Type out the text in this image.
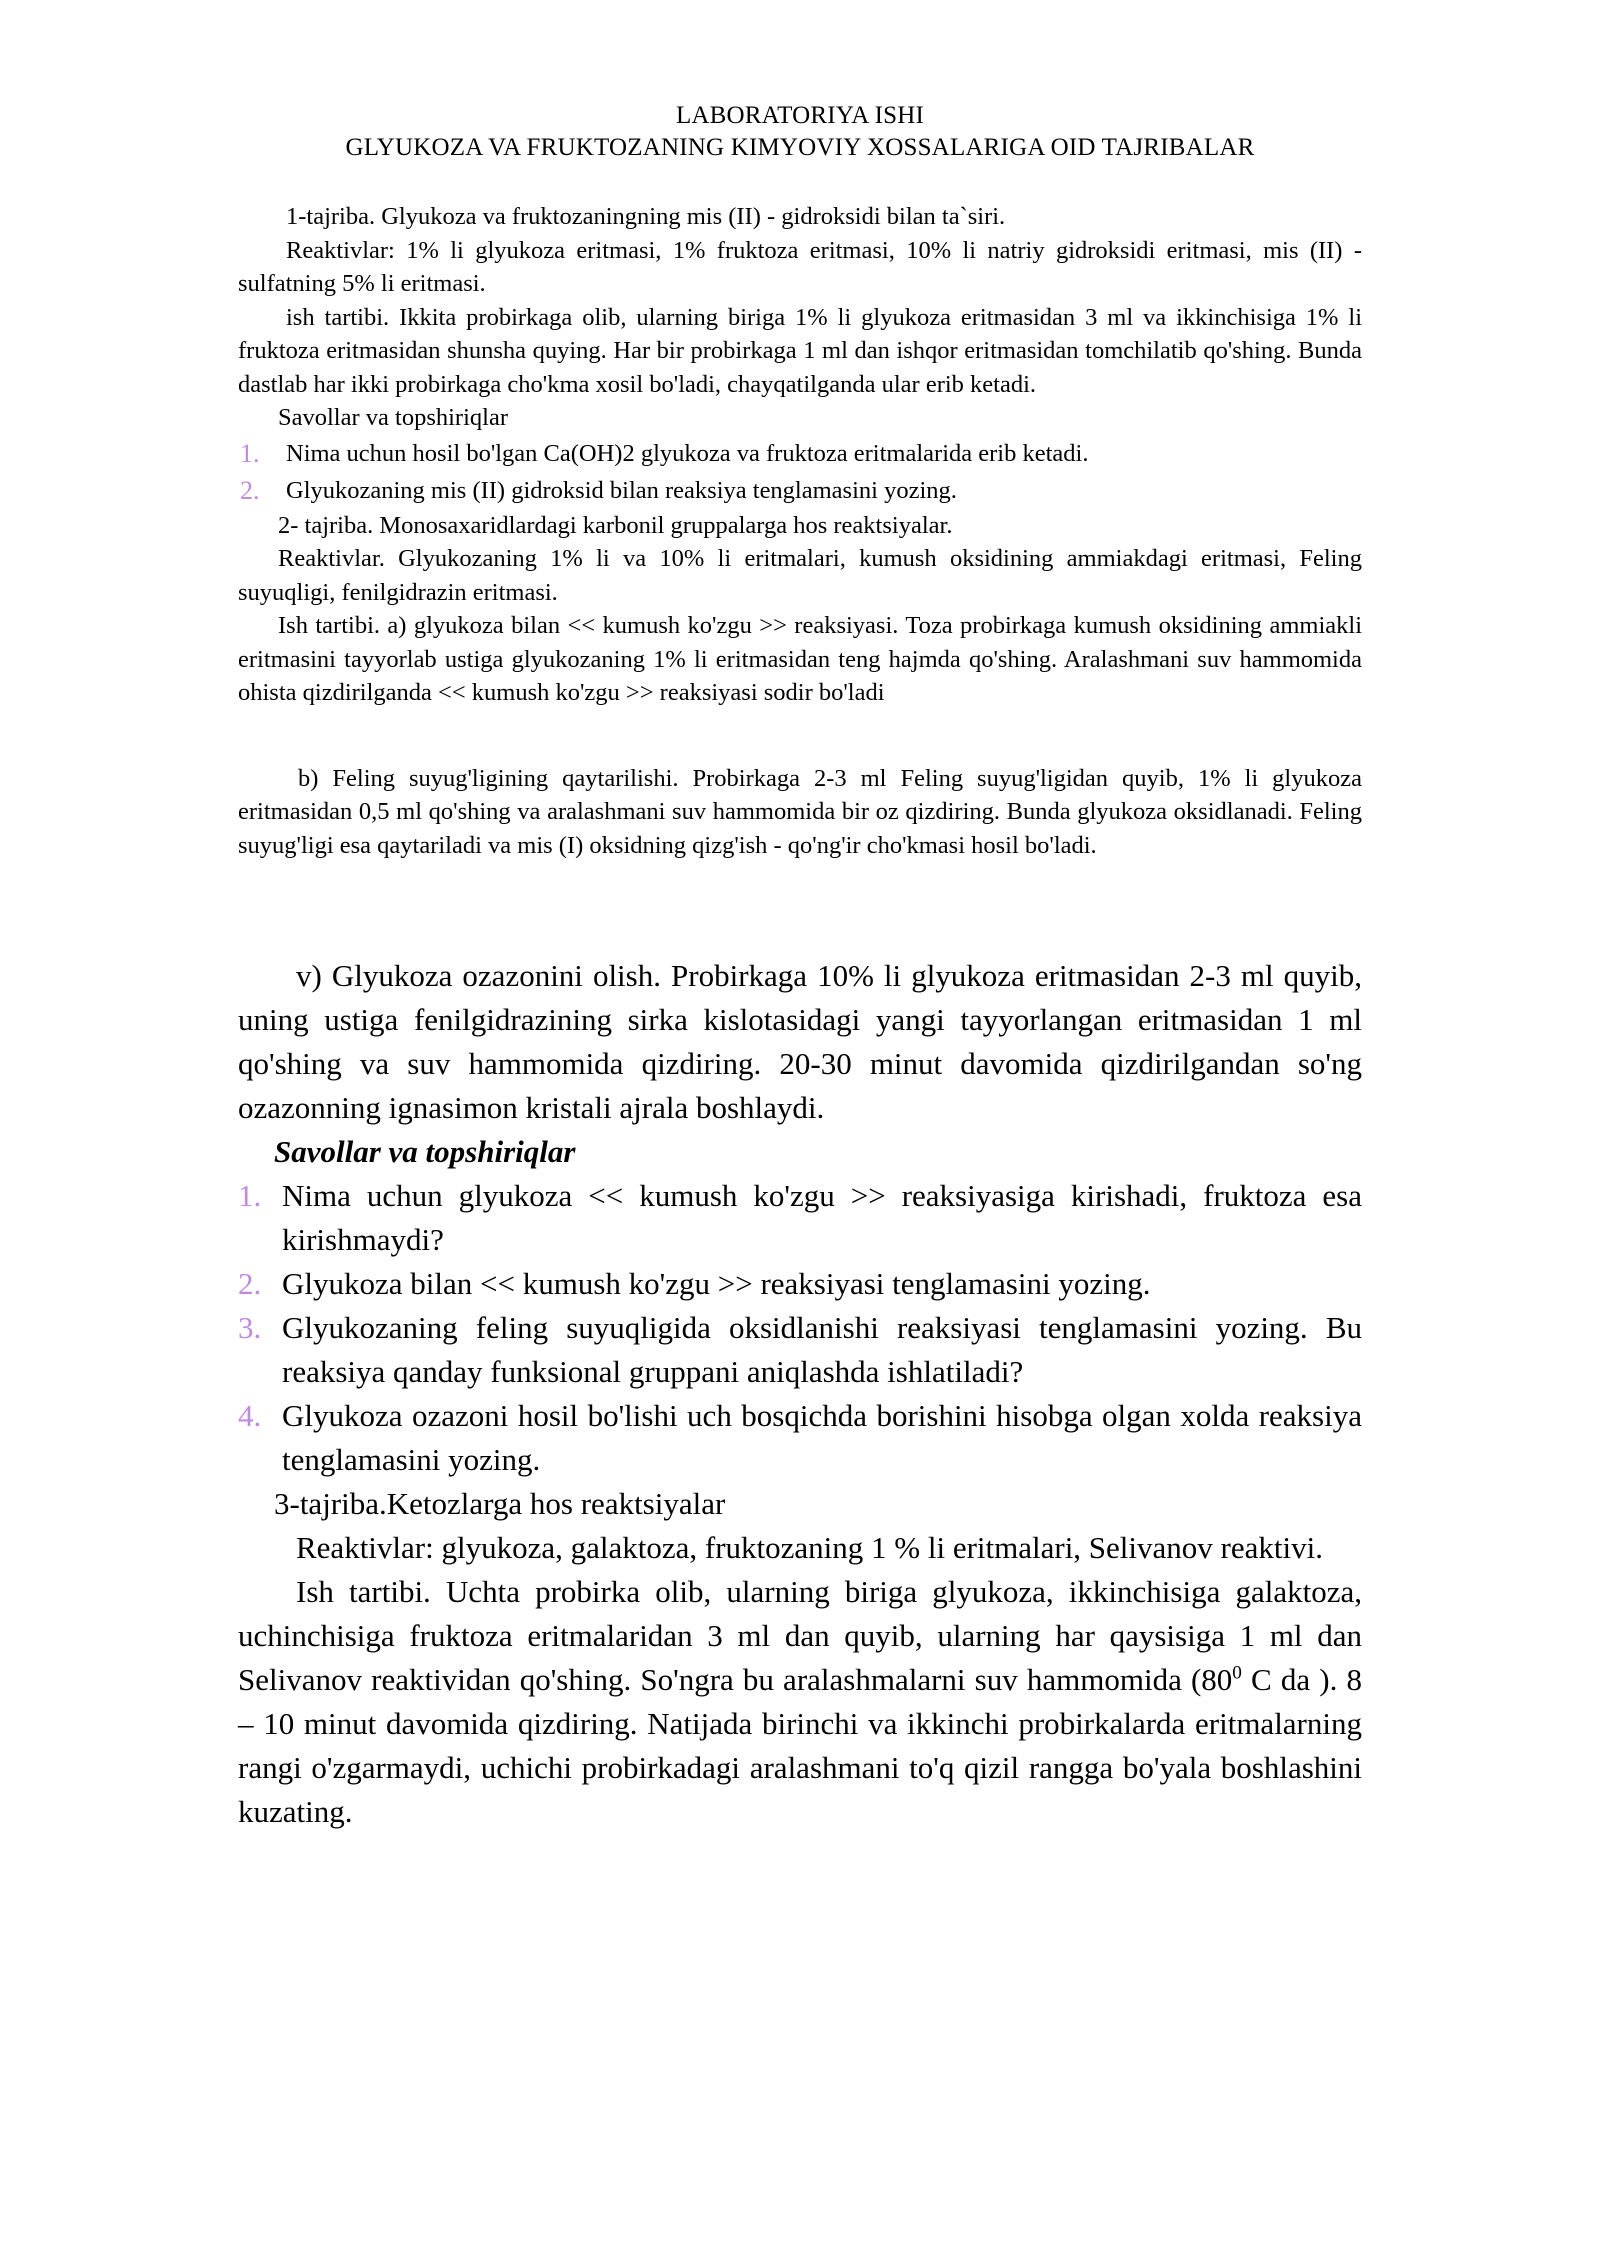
LABORATORIYA ISHI
GLYUKOZA VA FRUKTOZANING KIMYOVIY XOSSALARIGA OID TAJRIBALAR

1-tajriba. Glyukoza va fruktozaningning mis (II) - gidroksidi bilan ta`siri.

Reaktivlar: 1% li glyukoza eritmasi, 1% fruktoza eritmasi, 10% li natriy gidroksidi eritmasi, mis (II) - sulfatning 5% li eritmasi.

ish tartibi. Ikkita probirkaga olib, ularning biriga 1% li glyukoza eritmasidan 3 ml va ikkinchisiga 1% li fruktoza eritmasidan shunsha quying. Har bir probirkaga 1 ml dan ishqor eritmasidan tomchilatib qo'shing. Bunda dastlab har ikki probirkaga cho'kma xosil bo'ladi, chayqatilganda ular erib ketadi.

Savollar va topshiriqlar

Nima uchun hosil bo'lgan Ca(OH)2 glyukoza va fruktoza eritmalarida erib ketadi.
Glyukozaning mis (II) gidroksid bilan reaksiya tenglamasini yozing.

2- tajriba. Monosaxaridlardagi karbonil gruppalarga hos reaktsiyalar.

Reaktivlar. Glyukozaning 1% li va 10% li eritmalari, kumush oksidining ammiakdagi eritmasi, Feling suyuqligi, fenilgidrazin eritmasi.

Ish tartibi. a) glyukoza bilan << kumush ko'zgu >> reaksiyasi. Toza probirkaga kumush oksidining ammiakli eritmasini tayyorlab ustiga glyukozaning 1% li eritmasidan teng hajmda qo'shing. Aralashmani suv hammomida ohista qizdirilganda << kumush ko'zgu >> reaksiyasi sodir bo'ladi

b) Feling suyug'ligining qaytarilishi. Probirkaga 2-3 ml Feling suyug'ligidan quyib, 1% li glyukoza eritmasidan 0,5 ml qo'shing va aralashmani suv hammomida bir oz qizdiring. Bunda glyukoza oksidlanadi. Feling suyug'ligi esa qaytariladi va mis (I) oksidning qizg'ish - qo'ng'ir cho'kmasi hosil bo'ladi.

v) Glyukoza ozazonini olish. Probirkaga 10% li glyukoza eritmasidan 2-3 ml quyib, uning ustiga fenilgidrazining sirka kislotasidagi yangi tayyorlangan eritmasidan 1 ml qo'shing va suv hammomida qizdiring. 20-30 minut davomida qizdirilgandan so'ng ozazonning ignasimon kristali ajrala boshlaydi.

Savollar va topshiriqlar

Nima uchun glyukoza << kumush ko'zgu >> reaksiyasiga kirishadi, fruktoza esa kirishmaydi?
Glyukoza bilan << kumush ko'zgu >> reaksiyasi tenglamasini yozing.
Glyukozaning feling suyuqligida oksidlanishi reaksiyasi tenglamasini yozing. Bu reaksiya qanday funksional gruppani aniqlashda ishlatiladi?
Glyukoza ozazoni hosil bo'lishi uch bosqichda borishini hisobga olgan xolda reaksiya tenglamasini yozing.

3-tajriba.Ketozlarga hos reaktsiyalar

Reaktivlar: glyukoza, galaktoza, fruktozaning 1 % li eritmalari, Selivanov reaktivi.

Ish tartibi. Uchta probirka olib, ularning biriga glyukoza, ikkinchisiga galaktoza, uchinchisiga fruktoza eritmalaridan 3 ml dan quyib, ularning har qaysisiga 1 ml dan Selivanov reaktividan qo'shing. So'ngra bu aralashmalarni suv hammomida ($80^0$ C da ). 8 – 10 minut davomida qizdiring. Natijada birinchi va ikkinchi probirkalarda eritmalarning rangi o'zgarmaydi, uchichi probirkadagi aralashmani to'q qizil rangga bo'yala boshlashini kuzating.
